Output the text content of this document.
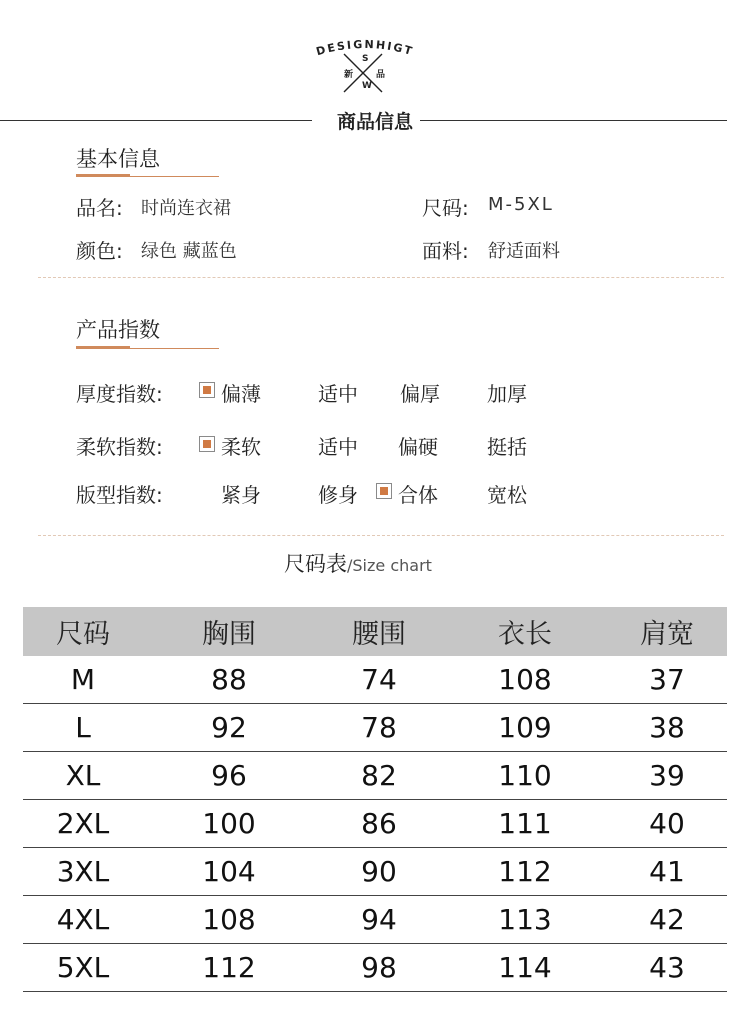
DESIGNHIGT
S
新	品
W
商品信息
基本信息
品名: 时尚连衣裙	尺码: M-5XL
颜色: 绿色 藏蓝色	面料: 舒适面料
产品指数
厚度指数:	偏薄	适中 偏厚 加厚
柔软指数:	柔软	适中 偏硬 挺括
版型指数:	紧身	修身 合体 宽松
尺码表/Size chart
尺码	胸围	腰围	衣长	肩宽
M	88	74	108	37
L	92	78	109	38
XL	96	82	110	39
2XL	100	86	111	40
3XL	104	90	112	41
4XL	108	94	113	42
5XL	112	98	114	43
